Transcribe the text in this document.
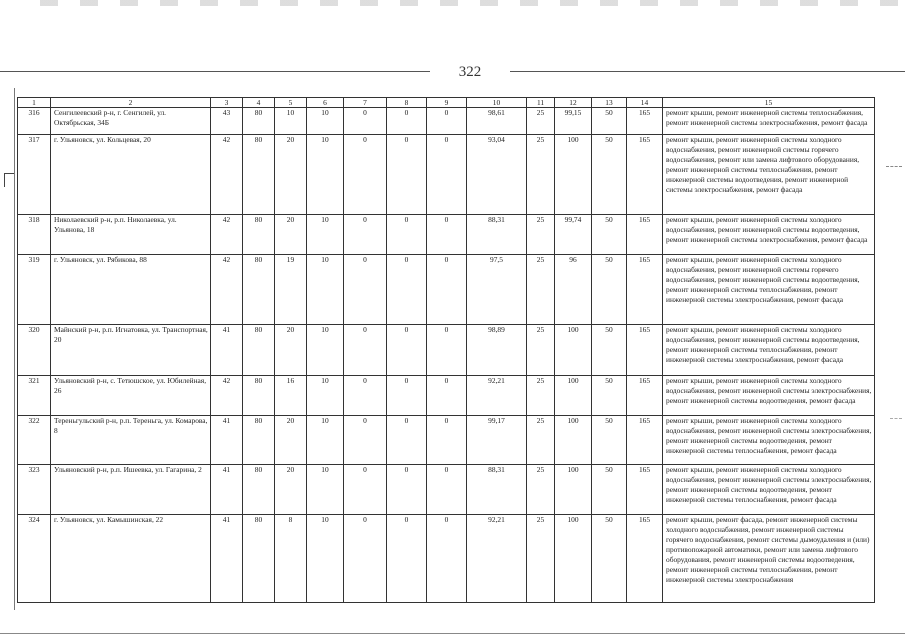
322
1	2	3	4	5	6	7	8	9	10	11	12	13	14	15
316	Сенгилеевский р-н, г. Сенгилей, ул. Октябрьская, 34Б	43	80	10	10	0	0	0	98,61	25	99,15	50	165	ремонт крыши, ремонт инженерной системы теплоснабжения, ремонт инженерной системы электроснабжения, ремонт фасада
317	г. Ульяновск, ул. Кольцевая, 20	42	80	20	10	0	0	0	93,04	25	100	50	165	ремонт крыши, ремонт инженерной системы холодного водоснабжения, ремонт инженерной системы горячего водоснабжения, ремонт или замена лифтового оборудования, ремонт инженерной системы теплоснабжения, ремонт инженерной системы водоотведения, ремонт инженерной системы электроснабжения, ремонт фасада
318	Николаевский р-н, р.п. Николаевка, ул. Ульянова, 18	42	80	20	10	0	0	0	88,31	25	99,74	50	165	ремонт крыши, ремонт инженерной системы холодного водоснабжения, ремонт инженерной системы водоотведения, ремонт инженерной системы электроснабжения, ремонт фасада
319	г. Ульяновск, ул. Рябикова, 88	42	80	19	10	0	0	0	97,5	25	96	50	165	ремонт крыши, ремонт инженерной системы холодного водоснабжения, ремонт инженерной системы горячего водоснабжения, ремонт инженерной системы водоотведения, ремонт инженерной системы теплоснабжения, ремонт инженерной системы электроснабжения, ремонт фасада
320	Майнский р-н, р.п. Игнатовка, ул. Транспортная, 20	41	80	20	10	0	0	0	98,89	25	100	50	165	ремонт крыши, ремонт инженерной системы холодного водоснабжения, ремонт инженерной системы водоотведения, ремонт инженерной системы теплоснабжения, ремонт инженерной системы электроснабжения, ремонт фасада
321	Ульяновский р-н, с. Тетюшское, ул. Юбилейная, 26	42	80	16	10	0	0	0	92,21	25	100	50	165	ремонт крыши, ремонт инженерной системы холодного водоснабжения, ремонт инженерной системы электроснабжения, ремонт инженерной системы водоотведения, ремонт фасада
322	Тереньгульский р-н, р.п. Тереньга, ул. Комарова, 8	41	80	20	10	0	0	0	99,17	25	100	50	165	ремонт крыши, ремонт инженерной системы холодного водоснабжения, ремонт инженерной системы электроснабжения, ремонт инженерной системы водоотведения, ремонт инженерной системы теплоснабжения, ремонт фасада
323	Ульяновский р-н, р.п. Ишеевка, ул. Гагарина, 2	41	80	20	10	0	0	0	88,31	25	100	50	165	ремонт крыши, ремонт инженерной системы холодного водоснабжения, ремонт инженерной системы электроснабжения, ремонт инженерной системы водоотведения, ремонт инженерной системы теплоснабжения, ремонт фасада
324	г. Ульяновск, ул. Камышинская, 22	41	80	8	10	0	0	0	92,21	25	100	50	165	ремонт крыши, ремонт фасада, ремонт инженерной системы холодного водоснабжения, ремонт инженерной системы горячего водоснабжения, ремонт системы дымоудаления и (или) противопожарной автоматики, ремонт или замена лифтового оборудования, ремонт инженерной системы водоотведения, ремонт инженерной системы теплоснабжения, ремонт инженерной системы электроснабжения
